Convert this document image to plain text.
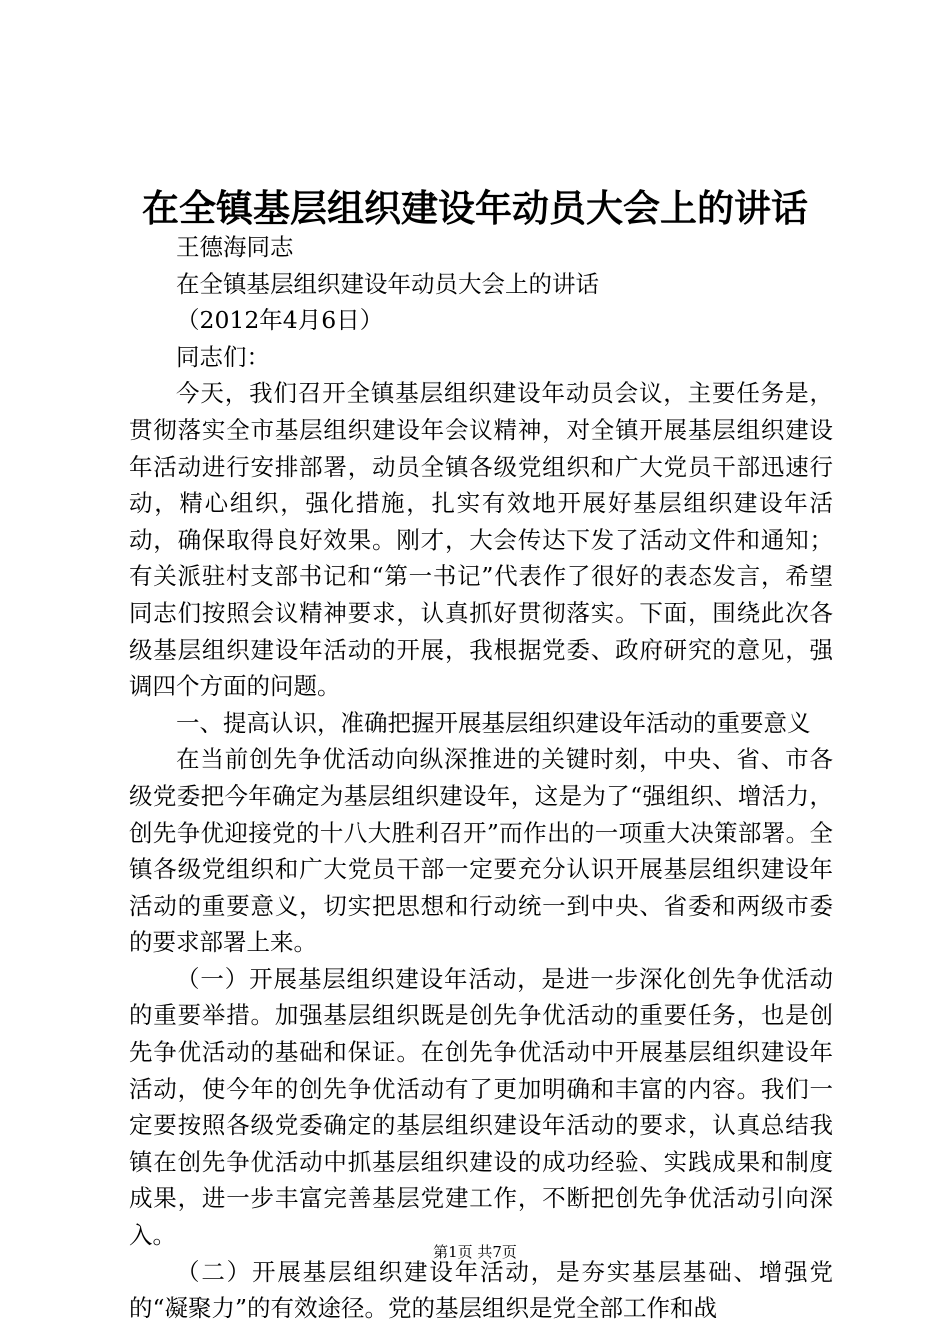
在全镇基层组织建设年动员大会上的讲话

王德海同志

在全镇基层组织建设年动员大会上的讲话

（2012年4月6日）

同志们：

今天，我们召开全镇基层组织建设年动员会议，主要任务是，贯彻落实全市基层组织建设年会议精神，对全镇开展基层组织建设年活动进行安排部署，动员全镇各级党组织和广大党员干部迅速行动，精心组织，强化措施，扎实有效地开展好基层组织建设年活动，确保取得良好效果。刚才，大会传达下发了活动文件和通知；有关派驻村支部书记和“第一书记”代表作了很好的表态发言，希望同志们按照会议精神要求，认真抓好贯彻落实。下面，围绕此次各级基层组织建设年活动的开展，我根据党委、政府研究的意见，强调四个方面的问题。

一、提高认识，准确把握开展基层组织建设年活动的重要意义

在当前创先争优活动向纵深推进的关键时刻，中央、省、市各级党委把今年确定为基层组织建设年，这是为了“强组织、增活力，创先争优迎接党的十八大胜利召开”而作出的一项重大决策部署。全镇各级党组织和广大党员干部一定要充分认识开展基层组织建设年活动的重要意义，切实把思想和行动统一到中央、省委和两级市委的要求部署上来。

（一）开展基层组织建设年活动，是进一步深化创先争优活动的重要举措。加强基层组织既是创先争优活动的重要任务，也是创先争优活动的基础和保证。在创先争优活动中开展基层组织建设年活动，使今年的创先争优活动有了更加明确和丰富的内容。我们一定要按照各级党委确定的基层组织建设年活动的要求，认真总结我镇在创先争优活动中抓基层组织建设的成功经验、实践成果和制度成果，进一步丰富完善基层党建工作，不断把创先争优活动引向深入。

（二）开展基层组织建设年活动，是夯实基层基础、增强党的“凝聚力”的有效途径。党的基层组织是党全部工作和战

第1页 共7页
